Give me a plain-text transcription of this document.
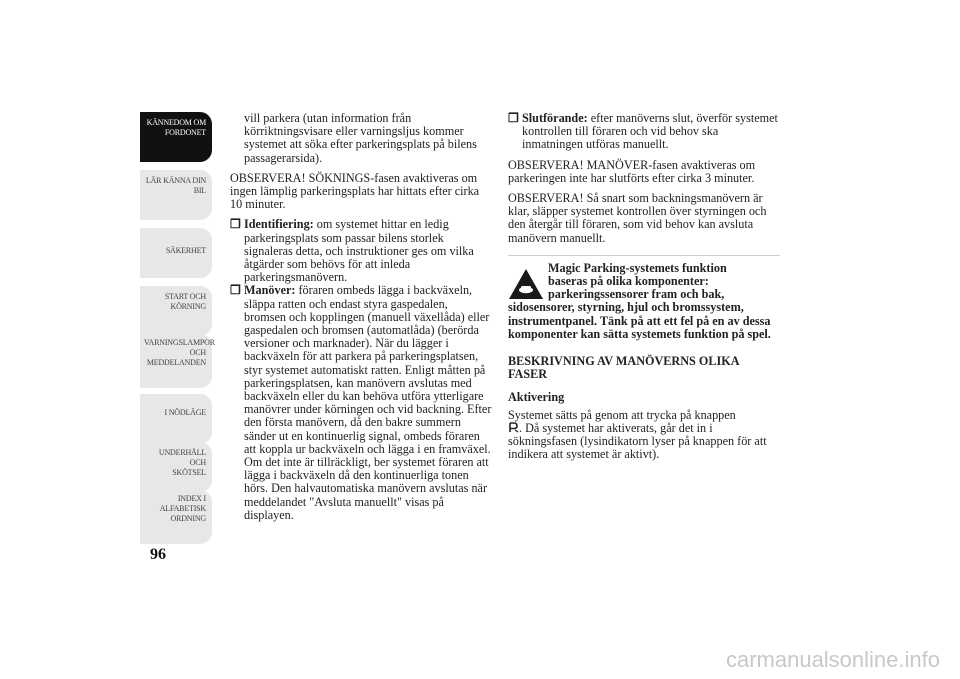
KÄNNEDOM OM
FORDONET
LÄR KÄNNA DIN
BIL
SÄKERHET
START OCH
KÖRNING
VARNINGSLAMPOR
OCH
MEDDELANDEN
I NÖDLÄGE
UNDERHÅLL OCH
SKÖTSEL
INDEX I
ALFABETISK
ORDNING
96

vill parkera (utan information från körriktningsvisare eller varningsljus kommer systemet att söka efter parkeringsplats på bilens passagerarsida).

OBSERVERA! SÖKNINGS-fasen avaktiveras om ingen lämplig parkeringsplats har hittats efter cirka 10 minuter.

❒ Identifiering: om systemet hittar en ledig parkeringsplats som passar bilens storlek signaleras detta, och instruktioner ges om vilka åtgärder som behövs för att inleda parkeringsmanövern.
❒ Manöver: föraren ombeds lägga i backväxeln, släppa ratten och endast styra gaspedalen, bromsen och kopplingen (manuell växellåda) eller gaspedalen och bromsen (automatlåda) (berörda versioner och marknader). När du lägger i backväxeln för att parkera på parkeringsplatsen, styr systemet automatiskt ratten. Enligt måtten på parkeringsplatsen, kan manövern avslutas med backväxeln eller du kan behöva utföra ytterligare manövrer under körningen och vid backning. Efter den första manövern, då den bakre summern sänder ut en kontinuerlig signal, ombeds föraren att koppla ur backväxeln och lägga i en framväxel. Om det inte är tillräckligt, ber systemet föraren att lägga i backväxeln då den kontinuerliga tonen hörs. Den halvautomatiska manövern avslutas när meddelandet "Avsluta manuellt" visas på displayen.
❒ Slutförande: efter manöverns slut, överför systemet kontrollen till föraren och vid behov ska inmatningen utföras manuellt.

OBSERVERA! MANÖVER-fasen avaktiveras om parkeringen inte har slutförts efter cirka 3 minuter.

OBSERVERA! Så snart som backningsmanövern är klar, släpper systemet kontrollen över styrningen och den återgår till föraren, som vid behov kan avsluta manövern manuellt.

Magic Parking-systemets funktion
baseras på olika komponenter:
parkeringssensorer fram och bak,
sidosensorer, styrning, hjul och bromssystem, instrumentpanel. Tänk på att ett fel på en av dessa komponenter kan sätta systemets funktion på spel.

BESKRIVNING AV MANÖVERNS OLIKA FASER

Aktivering

Systemet sätts på genom att trycka på knappen
. Då systemet har aktiverats, går det in i sökningsfasen (lysindikatorn lyser på knappen för att indikera att systemet är aktivt).

carmanualsonline.info
